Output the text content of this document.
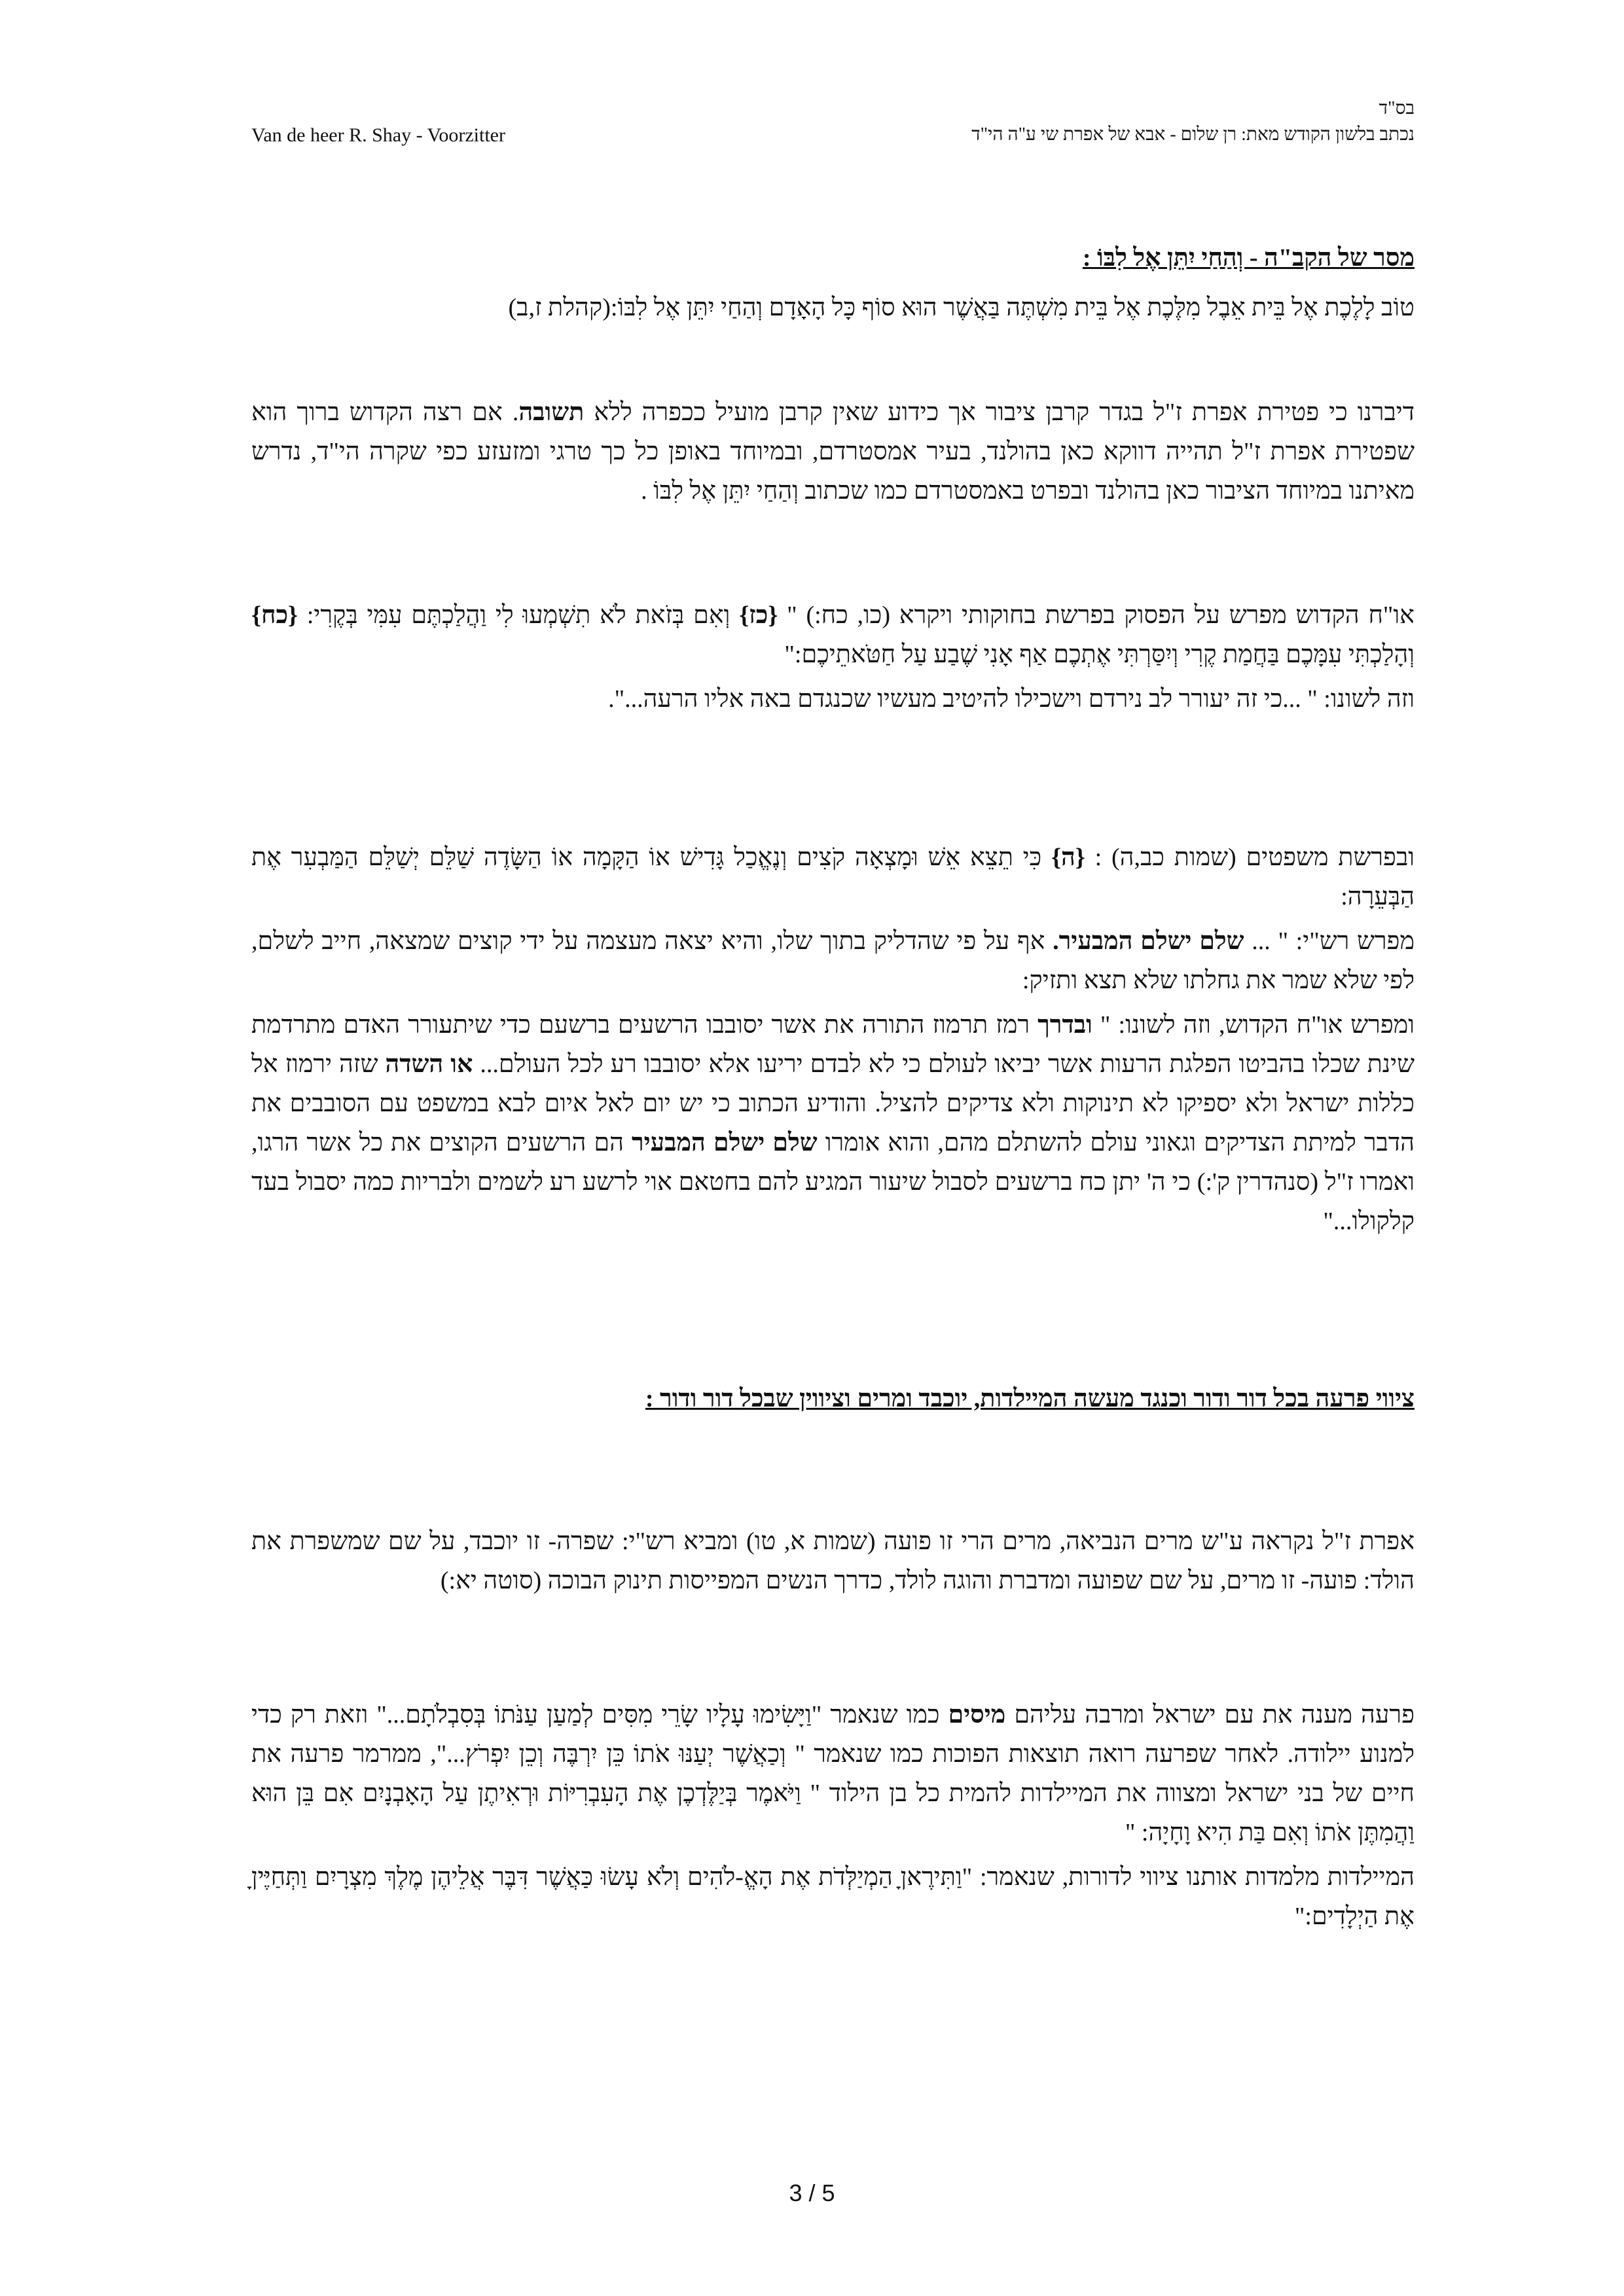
בס"ד
Van de heer R. Shay - Voorzitter	נכתב בלשון הקודש מאת: רן שלום - אבא של אפרת שי ע"ה הי"ד
מסר של הקב"ה - וְהַחַי יִתֵּן אֶל לִבּוֹ :

טוֹב לָלֶכֶת אֶל בֵּית אֵבֶל מִלֶּכֶת אֶל בֵּית מִשְׁתֶּה בַּאֲשֶׁר הוּא סוֹף כָּל הָאָדָם וְהַחַי יִתֵּן אֶל לִבּוֹ:(קהלת ז,ב)

דיברנו כי פטירת אפרת ז"ל בגדר קרבן ציבור אך כידוע שאין קרבן מועיל ככפרה ללא תשובה. אם רצה הקדוש ברוך הוא שפטירת אפרת ז"ל תהייה דווקא כאן בהולנד, בעיר אמסטרדם, ובמיוחד באופן כל כך טרגי ומזעזע כפי שקרה הי"ד, נדרש מאיתנו במיוחד הציבור כאן בהולנד ובפרט באמסטרדם כמו שכתוב וְהַחַי יִתֵּן אֶל לִבּוֹ .

או"ח הקדוש מפרש על הפסוק בפרשת בחוקותי ויקרא (כו, כח:) " {כז} וְאִם בְּזֹאת לֹא תִשְׁמְעוּ לִי וַהֲלַכְתֶּם עִמִּי בְּקֶרִי: {כח} וְהָלַכְתִּי עִמָּכֶם בַּחֲמַת קֶרִי וְיִסַּרְתִּי אֶתְכֶם אַף אָנִי שֶׁבַע עַל חַטֹּאתֵיכֶם:"

וזה לשונו: " ...כי זה יעורר לב נירדם וישכילו להיטיב מעשיו שכנגדם באה אליו הרעה...".

ובפרשת משפטים (שמות כב,ה) : {ה} כִּי תֵצֵא אֵשׁ וּמָצְאָה קֹצִים וְנֶאֱכַל גָּדִישׁ אוֹ הַקָּמָה אוֹ הַשָּׂדֶה שַׁלֵּם יְשַׁלֵּם הַמַּבְעִר אֶת הַבְּעֵרָה:

מפרש רש"י: " ... שלם ישלם המבעיר. אף על פי שהדליק בתוך שלו, והיא יצאה מעצמה על ידי קוצים שמצאה, חייב לשלם, לפי שלא שמר את גחלתו שלא תצא ותזיק:

ומפרש או"ח הקדוש, וזה לשונו: " ובדרך רמז תרמוז התורה את אשר יסובבו הרשעים ברשעם כדי שיתעורר האדם מתרדמת שינת שכלו בהביטו הפלגת הרעות אשר יביאו לעולם כי לא לבדם יריעו אלא יסובבו רע לכל העולם... או השדה שזה ירמוז אל כללות ישראל ולא יספיקו לא תינוקות ולא צדיקים להציל. והודיע הכתוב כי יש יום לאל איום לבא במשפט עם הסובבים את הדבר למיתת הצדיקים וגאוני עולם להשתלם מהם, והוא אומרו שלם ישלם המבעיר הם הרשעים הקוצים את כל אשר הרגו, ואמרו ז"ל (סנהדרין ק':) כי ה' יתן כח ברשעים לסבול שיעור המגיע להם בחטאם אוי לרשע רע לשמים ולבריות כמה יסבול בעד קלקולו..."

ציווי פרעה בכל דור ודור וכנגד מעשה המיילדות, יוכבד ומרים וציווין שבכל דור ודור :

אפרת ז"ל נקראה ע"ש מרים הנביאה, מרים הרי זו פועה (שמות א, טו) ומביא רש"י: שפרה- זו יוכבד, על שם שמשפרת את הולד: פועה- זו מרים, על שם שפועה ומדברת והוגה לולד, כדרך הנשים המפייסות תינוק הבוכה (סוטה יא:)

פרעה מענה את עם ישראל ומרבה עליהם מיסים כמו שנאמר "וַיָּשִׂימוּ עָלָיו שָׂרֵי מִסִּים לְמַעַן עַנֹּתוֹ בְּסִבְלֹתָם..." וזאת רק כדי למנוע יילודה. לאחר שפרעה רואה תוצאות הפוכות כמו שנאמר " וְכַאֲשֶׁר יְעַנּוּ אֹתוֹ כֵּן יִרְבֶּה וְכֵן יִפְרֹץ...", ממרמר פרעה את חיים של בני ישראל ומצווה את המיילדות להמית כל בן הילוד " וַיֹּאמֶר בְּיַלֶּדְכֶן אֶת הָעִבְרִיּוֹת וּרְאִיתֶן עַל הָאָבְנָיִם אִם בֵּן הוּא וַהֲמִתֶּן אֹתוֹ וְאִם בַּת הִיא וָחָיָה: "

המיילדות מלמדות אותנו ציווי לדורות, שנאמר: "וַתִּירֶאןָ הַמְיַלְּדֹת אֶת הָאֱ-לֹהִים וְלֹא עָשׂוּ כַּאֲשֶׁר דִּבֶּר אֲלֵיהֶן מֶלֶךְ מִצְרָיִם וַתְּחַיֶּיןָ אֶת הַיְלָדִים:"

3 / 5
